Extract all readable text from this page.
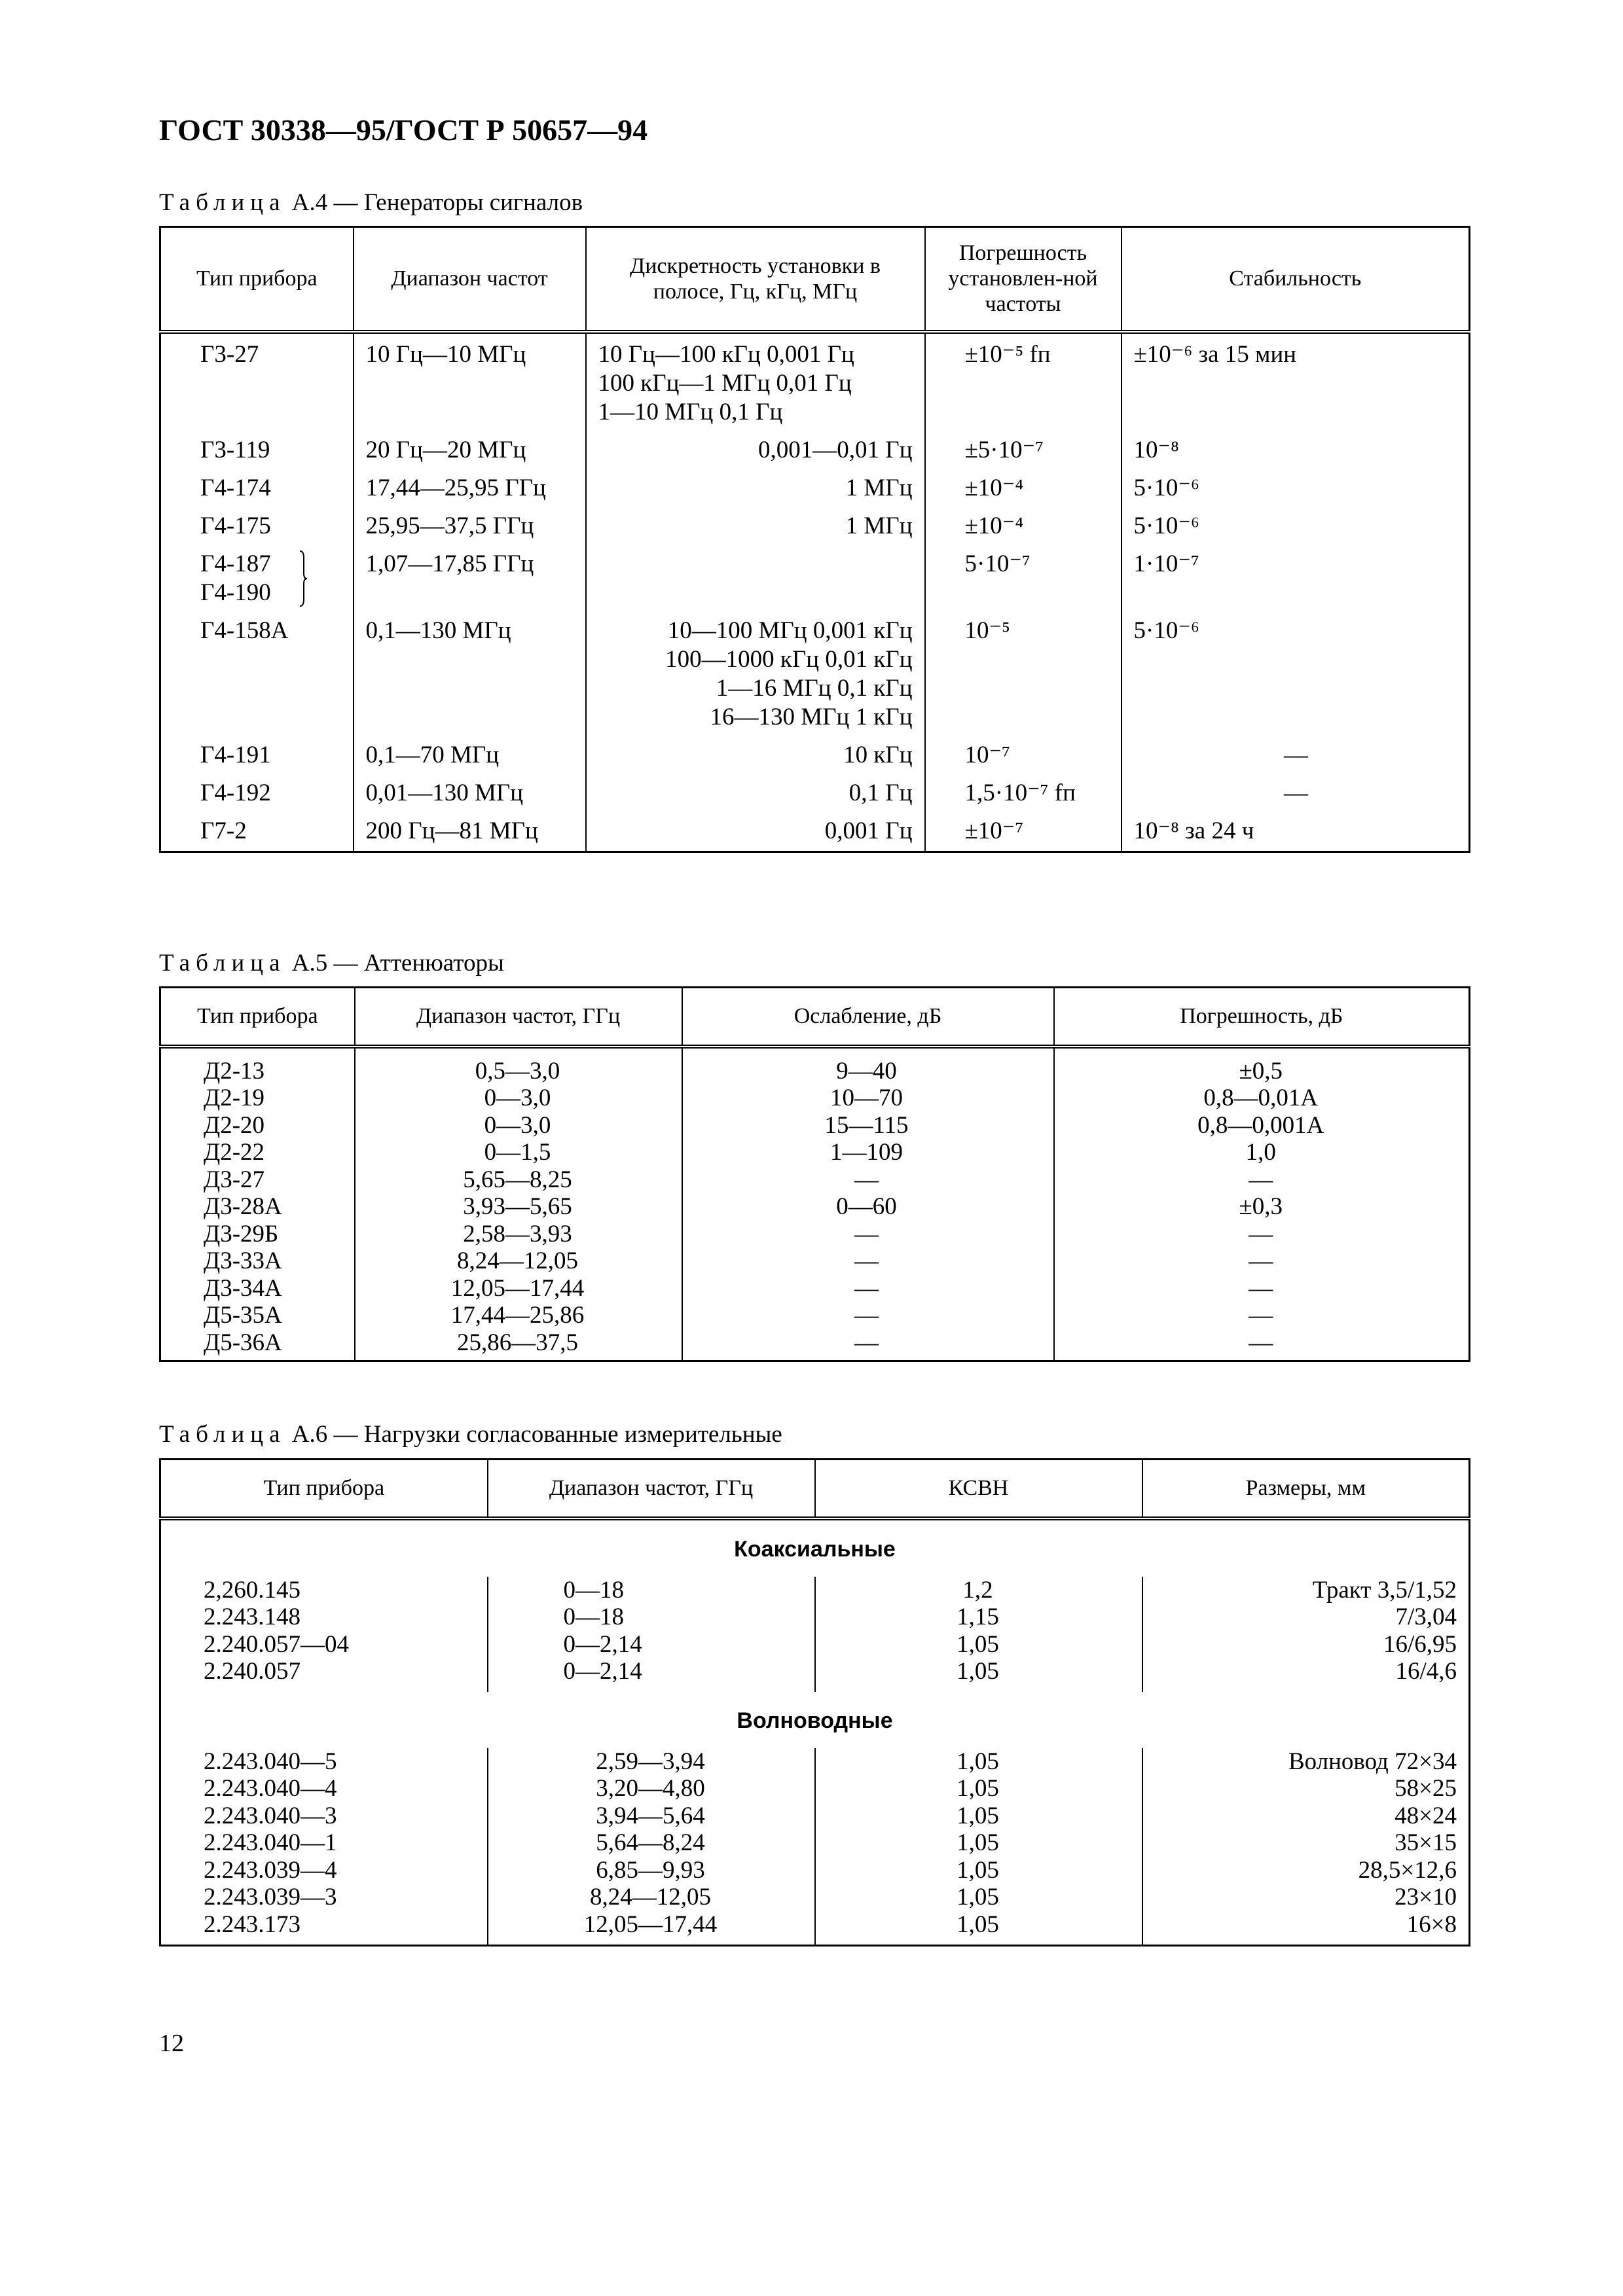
ГОСТ 30338—95/ГОСТ Р 50657—94
Таблица А.4 — Генераторы сигналов
Тип прибора	Диапазон частот	Дискретность установки в полосе, Гц, кГц, МГц	Погрешность установлен-ной частоты	Стабильность

Г3-27	10 Гц—10 МГц	10 Гц—100 кГц 0,001 Гц
100 кГц—1 МГц 0,01 Гц
1—10 МГц 0,1 Гц	±10⁻⁵ fп	±10⁻⁶ за 15 мин

Г3-119	20 Гц—20 МГц	0,001—0,01 Гц	±5·10⁻⁷	10⁻⁸

Г4-174	17,44—25,95 ГГц	1 МГц	±10⁻⁴	5·10⁻⁶

Г4-175	25,95—37,5 ГГц	1 МГц	±10⁻⁴	5·10⁻⁶

Г4-187
Г4-190	1,07—17,85 ГГц		5·10⁻⁷	1·10⁻⁷

Г4-158А	0,1—130 МГц	10—100 МГц 0,001 кГц
100—1000 кГц 0,01 кГц
1—16 МГц 0,1 кГц
16—130 МГц 1 кГц	10⁻⁵	5·10⁻⁶

Г4-191	0,1—70 МГц	10 кГц	10⁻⁷	—

Г4-192	0,01—130 МГц	0,1 Гц	1,5·10⁻⁷ fп	—

Г7-2	200 Гц—81 МГц	0,001 Гц	±10⁻⁷	10⁻⁸ за 24 ч
Таблица А.5 — Аттенюаторы
Тип прибора	Диапазон частот, ГГц	Ослабление, дБ	Погрешность, дБ
Д2-13	0,5—3,0	9—40	±0,5
Д2-19	0—3,0	10—70	0,8—0,01А
Д2-20	0—3,0	15—115	0,8—0,001А
Д2-22	0—1,5	1—109	1,0
Д3-27	5,65—8,25	—	—
Д3-28А	3,93—5,65	0—60	±0,3
Д3-29Б	2,58—3,93	—	—
Д3-33А	8,24—12,05	—	—
Д3-34А	12,05—17,44	—	—
Д5-35А	17,44—25,86	—	—
Д5-36А	25,86—37,5	—	—
Таблица А.6 — Нагрузки согласованные измерительные
Тип прибора	Диапазон частот, ГГц	КСВН	Размеры, мм
Коаксиальные			
2,260.145	0—18	1,2	Тракт 3,5/1,52
2.243.148	0—18	1,15	7/3,04
2.240.057—04	0—2,14	1,05	16/6,95
2.240.057	0—2,14	1,05	16/4,6
Волноводные			
2.243.040—5	2,59—3,94	1,05	Волновод 72×34
2.243.040—4	3,20—4,80	1,05	58×25
2.243.040—3	3,94—5,64	1,05	48×24
2.243.040—1	5,64—8,24	1,05	35×15
2.243.039—4	6,85—9,93	1,05	28,5×12,6
2.243.039—3	8,24—12,05	1,05	23×10
2.243.173	12,05—17,44	1,05	16×8
12
